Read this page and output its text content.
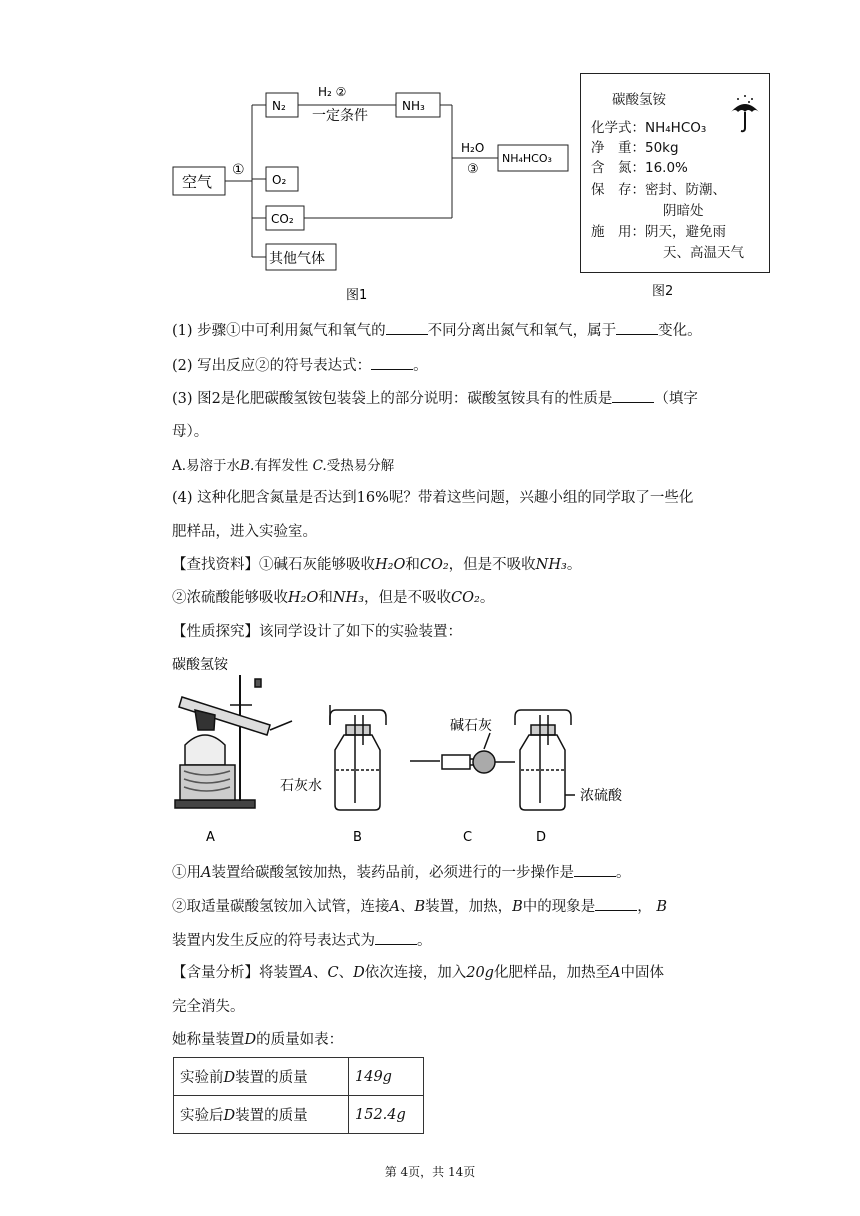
空气
①
N₂
O₂
CO₂
其他气体
H₂ ②
一定条件
NH₃
H₂O
③
NH₄HCO₃
图1
碳酸氢铵
化学式：NH₄HCO₃
净　重：50kg
含　氮：16.0%
保　存：密封、防潮、
阴暗处
施　用：阴天，避免雨
天、高温天气
图2
(1) 步骤①中可利用氮气和氧气的	不同分离出氮气和氧气，属于	变化。
(2) 写出反应②的符号表达式：	。
(3) 图2是化肥碳酸氢铵包装袋上的部分说明：碳酸氢铵具有的性质是	（填字
母）。
A.易溶于水B.有挥发性 C.受热易分解
(4) 这种化肥含氮量是否达到16%呢？带着这些问题，兴趣小组的同学取了一些化
肥样品，进入实验室。
【查找资料】①碱石灰能够吸收H₂O和CO₂，但是不吸收NH₃。
②浓硫酸能够吸收H₂O和NH₃，但是不吸收CO₂。
【性质探究】该同学设计了如下的实验装置：
碳酸氢铵
石灰水
碱石灰
浓硫酸
A	B	C	D
①用A装置给碳酸氢铵加热，装药品前，必须进行的一步操作是	。
②取适量碳酸氢铵加入试管，连接A、B装置，加热，B中的现象是	， B
装置内发生反应的符号表达式为	。
【含量分析】将装置A、C、D依次连接，加入20g化肥样品，加热至A中固体
完全消失。
她称量装置D的质量如表：
实验前D装置的质量	149g
实验后D装置的质量	152.4g
第 4页，共 14页
